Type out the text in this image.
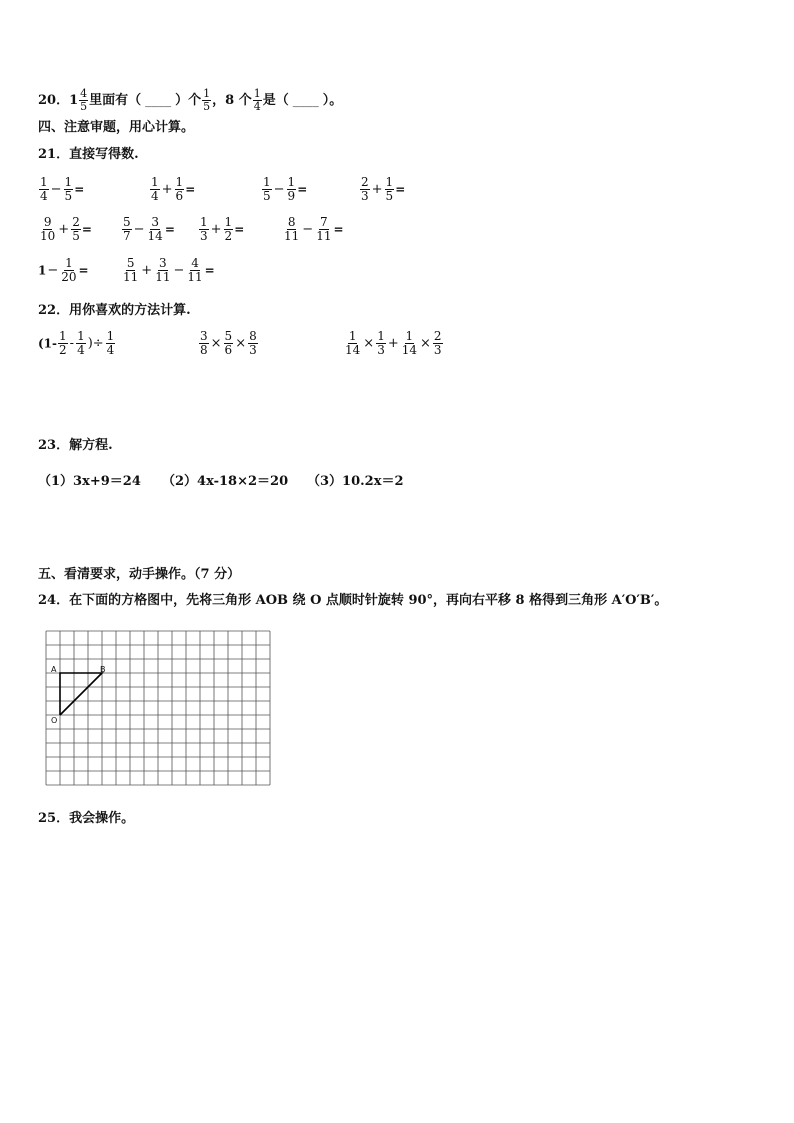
20．$1 \frac{4}{5}$ 里面有（ ____ ）个 $\frac{1}{5}$ ，8 个 $\frac{1}{4}$ 是（ ____ ）。
四、注意审题，用心计算。
21．直接写得数.
$\frac{1}{4} - \frac{1}{5}$ =	$\frac{1}{4} + \frac{1}{6}$ =	$\frac{1}{5} - \frac{1}{9}$ =	$\frac{2}{3} + \frac{1}{5}$ =
$\frac{9}{10} + \frac{2}{5}$ =	$\frac{5}{7} - \frac{3}{14} = \frac{1}{3} + \frac{1}{2}$ =	$\frac{8}{11} - \frac{7}{11}$ =
$1- \frac{1}{20}$ =	$\frac{5}{11} + \frac{3}{11} - \frac{4}{11}$ =
22．用你喜欢的方法计算.
($1- \frac{1}{2} - \frac{1}{4}$ )÷ $\frac{1}{4}$	$\frac{3}{8} \times \frac{5}{6} \times \frac{8}{3}$	$\frac{1}{14} \times \frac{1}{3} + \frac{1}{14} \times \frac{2}{3}$
23．解方程.
（1）3x+9＝24 （2）4x-18×2＝20 （3）10.2x＝2
五、看清要求，动手操作。（7 分）
24．在下面的方格图中，先将三角形 AOB 绕 O 点顺时针旋转 90°，再向右平移 8 格得到三角形 A′O′B′。
A	B
O
25．我会操作。
